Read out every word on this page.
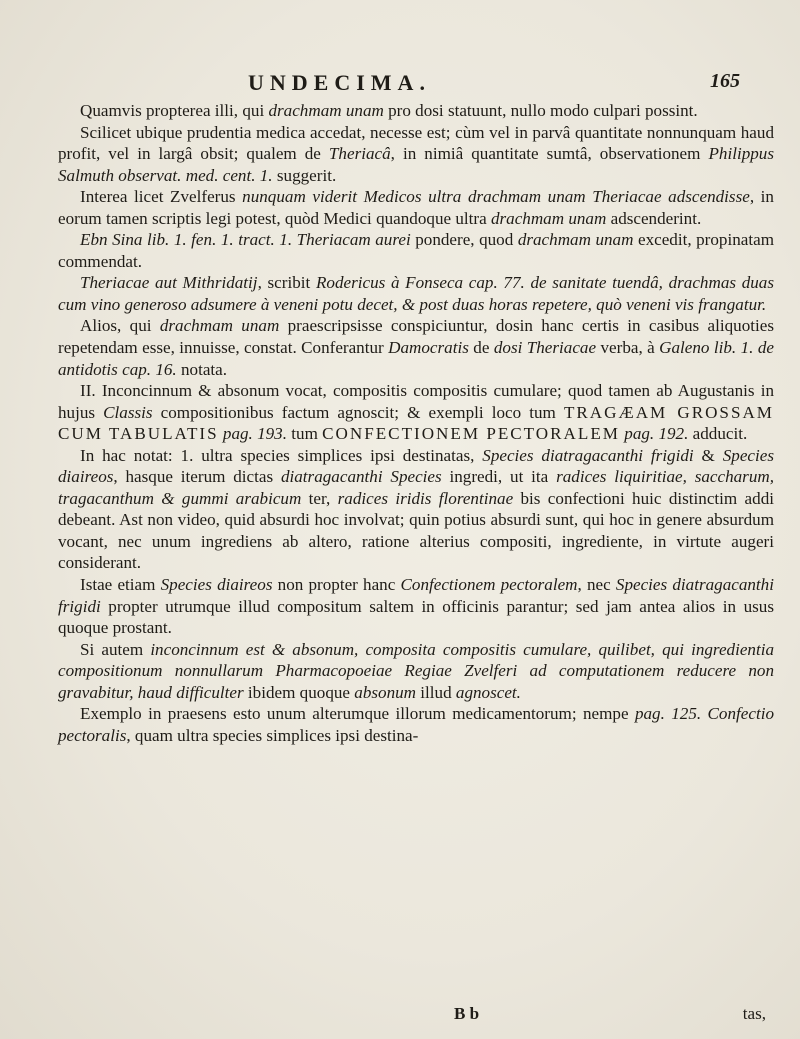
UNDECIMA.	165

Quamvis propterea illi, qui drachmam unam pro dosi statuunt, nullo modo culpari possint.

Scilicet ubique prudentia medica accedat, necesse est; cùm vel in parvâ quantitate nonnunquam haud profit, vel in largâ obsit; qualem de Theriacâ, in nimiâ quantitate sumtâ, observationem Philippus Salmuth observat. med. cent. 1. suggerit.

Interea licet Zvelferus nunquam viderit Medicos ultra drachmam unam Theriacae adscendisse, in eorum tamen scriptis legi potest, quòd Medici quandoque ultra drachmam unam adscenderint.

Ebn Sina lib. 1. fen. 1. tract. 1. Theriacam aurei pondere, quod drachmam unam excedit, propinatam commendat.

Theriacae aut Mithridatij, scribit Rodericus à Fonseca cap. 77. de sanitate tuendâ, drachmas duas cum vino generoso adsumere à veneni potu decet, & post duas horas repetere, quò veneni vis frangatur.

Alios, qui drachmam unam praescripsisse conspiciuntur, dosin hanc certis in casibus aliquoties repetendam esse, innuisse, constat. Conferantur Damocratis de dosi Theriacae verba, à Galeno lib. 1. de antidotis cap. 16. notata.

II. Inconcinnum & absonum vocat, compositis compositis cumulare; quod tamen ab Augustanis in hujus Classis compositionibus factum agnoscit; & exempli loco tum TRAGÆAM GROSSAM CUM TABULATIS pag. 193. tum CONFECTIONEM PECTORALEM pag. 192. adducit.

In hac notat: 1. ultra species simplices ipsi destinatas, Species diatragacanthi frigidi & Species diaireos, hasque iterum dictas diatragacanthi Species ingredi, ut ita radices liquiritiae, saccharum, tragacanthum & gummi arabicum ter, radices iridis florentinae bis confectioni huic distinctim addi debeant. Ast non video, quid absurdi hoc involvat; quin potius absurdi sunt, qui hoc in genere absurdum vocant, nec unum ingrediens ab altero, ratione alterius compositi, ingrediente, in virtute augeri considerant.

Istae etiam Species diaireos non propter hanc Confectionem pectoralem, nec Species diatragacanthi frigidi propter utrumque illud compositum saltem in officinis parantur; sed jam antea alios in usus quoque prostant.

Si autem inconcinnum est & absonum, composita compositis cumulare, quilibet, qui ingredientia compositionum nonnullarum Pharmacopoeiae Regiae Zvelferi ad computationem reducere non gravabitur, haud difficulter ibidem quoque absonum illud agnoscet.

Exemplo in praesens esto unum alterumque illorum medicamentorum; nempe pag. 125. Confectio pectoralis, quam ultra species simplices ipsi destina-

B b	tas,
